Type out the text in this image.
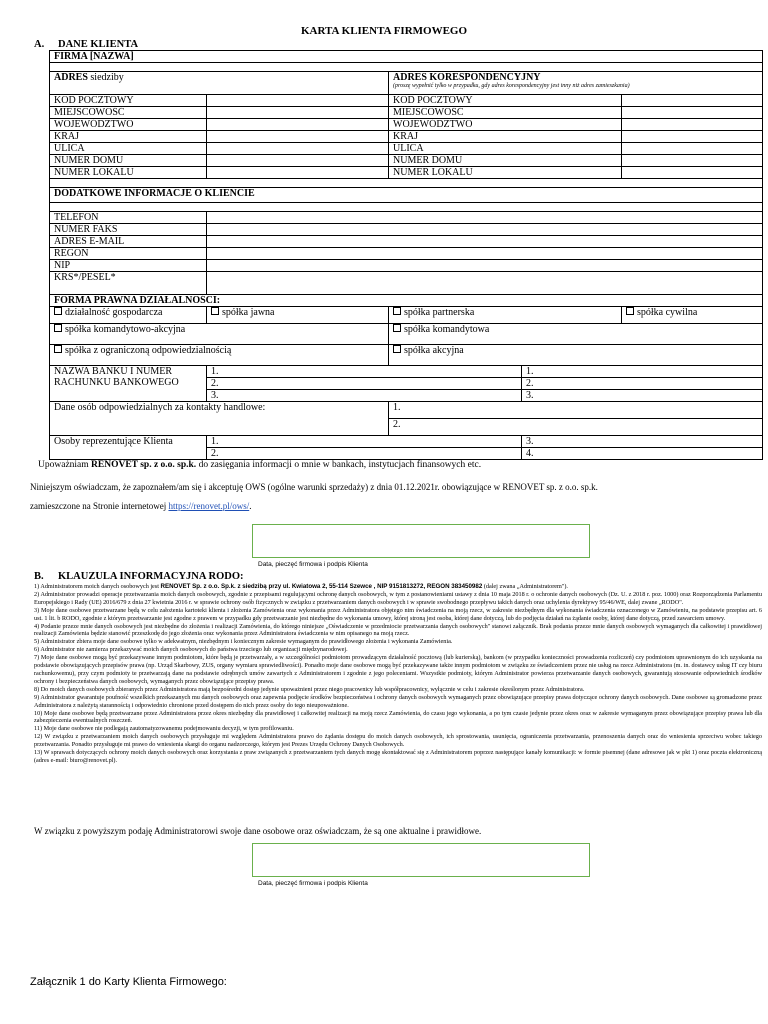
KARTA KLIENTA FIRMOWEGO
A. DANE KLIENTA
FIRMA [NAZWA]				

ADRES siedziby		ADRES KORESPONDENCYJNY
(proszę wypełnić tylko w przypadku, gdy adres korespondencyjny jest inny niż adres zamieszkania)		

KOD POCZTOWY		KOD POCZTOWY		
MIEJSCOWOŚĆ		MIEJSCOWOŚĆ		
WOJEWÓDZTWO		WOJEWÓDZTWO		
KRAJ		KRAJ		
ULICA		ULICA		
NUMER DOMU		NUMER DOMU		
NUMER LOKALU		NUMER LOKALU		

DODATKOWE INFORMACJE O KLIENCIE				

TELEFON				
NUMER FAKS				
ADRES E-MAIL				
REGON				
NIP				
KRS*/PESEL*				
FORMA PRAWNA DZIAŁALNOŚCI:				
działalność gospodarcza	spółka jawna	spółka partnerska		spółka cywilna
spółka komandytowo-akcyjna		spółka komandytowa		
spółka z ograniczoną odpowiedzialnością		spółka akcyjna		
NAZWA BANKU I NUMER RACHUNKU BANKOWEGO	1.		1.	
	2.		2.	
	3.		3.	
Dane osób odpowiedzialnych za kontakty handlowe:		1.		
		2.		
Osoby reprezentujące Klienta	1.		3.	
	2.		4.	
Upoważniam RENOVET sp. z o.o. sp.k. do zasięgania informacji o mnie w bankach, instytucjach finansowych etc.
Niniejszym oświadczam, że zapoznałem/am się i akceptuję OWS (ogólne warunki sprzedaży) z dnia 01.12.2021r. obowiązujące w RENOVET sp. z o.o. sp.k.
zamieszczone na Stronie internetowej https://renovet.pl/ows/.
Data, pieczęć firmowa i podpis Klienta
B. KLAUZULA INFORMACYJNA RODO:

1) Administratorem moich danych osobowych jest RENOVET Sp. z o.o. Sp.k. z siedzibą przy ul. Kwiatowa 2, 55-114 Szewce , NIP 9151813272, REGON 383450982 (dalej zwana „Administratorem").

2) Administrator prowadzi operacje przetwarzania moich danych osobowych, zgodnie z przepisami regulującymi ochronę danych osobowych, w tym z postanowieniami ustawy z dnia 10 maja 2018 r. o ochronie danych osobowych (Dz. U. z 2018 r. poz. 1000) oraz Rozporządzenia Parlamentu Europejskiego i Rady (UE) 2016/679 z dnia 27 kwietnia 2016 r. w sprawie ochrony osób fizycznych w związku z przetwarzaniem danych osobowych i w sprawie swobodnego przepływu takich danych oraz uchylenia dyrektywy 95/46/WE, dalej zwane „RODO".

3) Moje dane osobowe przetwarzane będą w celu założenia kartoteki klienta i złożenia Zamówienia oraz wykonania przez Administratora objętego nim świadczenia na moją rzecz, w zakresie niezbędnym dla wykonania świadczenia oznaczonego w Zamówieniu, na podstawie przepisu art. 6 ust. 1 lit. b RODO, zgodnie z którym przetwarzanie jest zgodne z prawem w przypadku gdy przetwarzanie jest niezbędne do wykonania umowy, której stroną jest osoba, której dane dotyczą, lub do podjęcia działań na żądanie osoby, której dane dotyczą, przed zawarciem umowy.

4) Podanie przeze mnie danych osobowych jest niezbędne do złożenia i realizacji Zamówienia, do którego niniejsze „Oświadczenie w przedmiocie przetwarzania danych osobowych" stanowi załącznik. Brak podania przeze mnie danych osobowych wymaganych dla całkowitej i prawidłowej realizacji Zamówienia będzie stanowić przeszkodę do jego złożenia oraz wykonania przez Administratora świadczenia w nim opisanego na moją rzecz.

5) Administrator zbiera moje dane osobowe tylko w adekwatnym, niezbędnym i koniecznym zakresie wymaganym do prawidłowego złożenia i wykonania Zamówienia.

6) Administrator nie zamierza przekazywać moich danych osobowych do państwa trzeciego lub organizacji międzynarodowej.

7) Moje dane osobowe mogą być przekazywane innym podmiotom, które będą je przetwarzały, a w szczególności podmiotom prowadzącym działalność pocztową (lub kurierską), bankom (w przypadku konieczności prowadzenia rozliczeń) czy podmiotom uprawnionym do ich uzyskania na podstawie obowiązujących przepisów prawa (np. Urząd Skarbowy, ZUS, organy wymiaru sprawiedliwości). Ponadto moje dane osobowe mogą być przekazywane także innym podmiotom w związku ze świadczeniem przez nie usług na rzecz Administratora (m. in. dostawcy usług IT czy biuru rachunkowemu), przy czym podmioty te przetwarzają dane na podstawie odrębnych umów zawartych z Administratorem i zgodnie z jego poleceniami. Wszystkie podmioty, którym Administrator powierza przetwarzanie danych osobowych, gwarantują stosowanie odpowiednich środków ochrony i bezpieczeństwa danych osobowych, wymaganych przez obowiązujące przepisy prawa.

8) Do moich danych osobowych zbieranych przez Administratora mają bezpośredni dostęp jedynie upoważnieni przez niego pracownicy lub współpracownicy, wyłącznie w celu i zakresie określonym przez Administratora.

9) Administrator gwarantuje poufność wszelkich przekazanych mu danych osobowych oraz zapewnia podjęcie środków bezpieczeństwa i ochrony danych osobowych wymaganych przez obowiązujące przepisy prawa dotyczące ochrony danych osobowych. Dane osobowe są gromadzone przez Administratora z należytą starannością i odpowiednio chronione przed dostępem do nich przez osoby do tego nieupoważnione.

10) Moje dane osobowe będą przetwarzane przez Administratora przez okres niezbędny dla prawidłowej i całkowitej realizacji na moją rzecz Zamówienia, do czasu jego wykonania, a po tym czasie jedynie przez okres oraz w zakresie wymaganym przez obowiązujące przepisy prawa lub dla zabezpieczenia ewentualnych roszczeń.

11) Moje dane osobowe nie podlegają zautomatyzowanemu podejmowaniu decyzji, w tym profilowaniu.

12) W związku z przetwarzaniem moich danych osobowych przysługuje mi względem Administratora prawo do żądania dostępu do moich danych osobowych, ich sprostowania, usunięcia, ograniczenia przetwarzania, przenoszenia danych oraz do wniesienia sprzeciwu wobec takiego przetwarzania. Ponadto przysługuje mi prawo do wniesienia skargi do organu nadzorczego, którym jest Prezes Urzędu Ochrony Danych Osobowych.

13) W sprawach dotyczących ochrony moich danych osobowych oraz korzystania z praw związanych z przetwarzaniem tych danych mogę skontaktować się z Administratorem poprzez następujące kanały komunikacji: w formie pisemnej (dane adresowe jak w pkt 1) oraz poczta elektroniczną (adres e-mail: biuro@renovet.pl).

W związku z powyższym podaję Administratorowi swoje dane osobowe oraz oświadczam, że są one aktualne i prawidłowe.
Data, pieczęć firmowa i podpis Klienta
Załącznik 1 do Karty Klienta Firmowego:
